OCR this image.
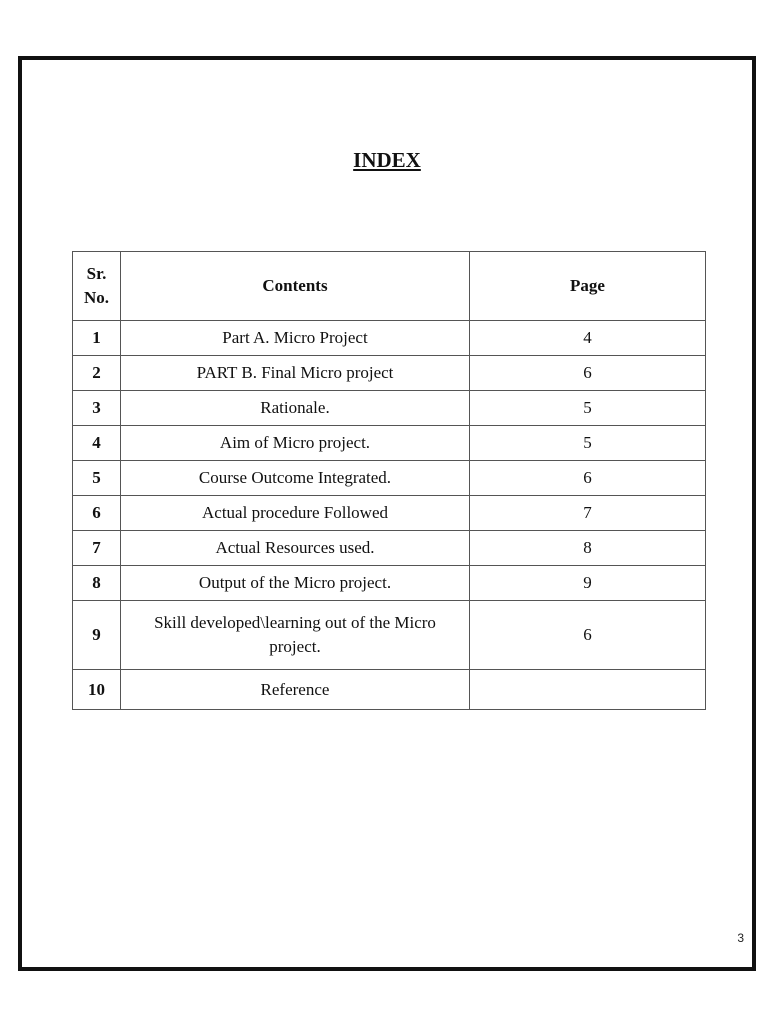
INDEX
Sr. No.	Contents	Page
1	Part A. Micro Project	4
2	PART B. Final Micro project	6
3	Rationale.	5
4	Aim of Micro project.	5
5	Course Outcome Integrated.	6
6	Actual procedure Followed	7
7	Actual Resources used.	8
8	Output of the Micro project.	9
9	Skill developed\learning out of the Micro project.	6
10	Reference	
3
